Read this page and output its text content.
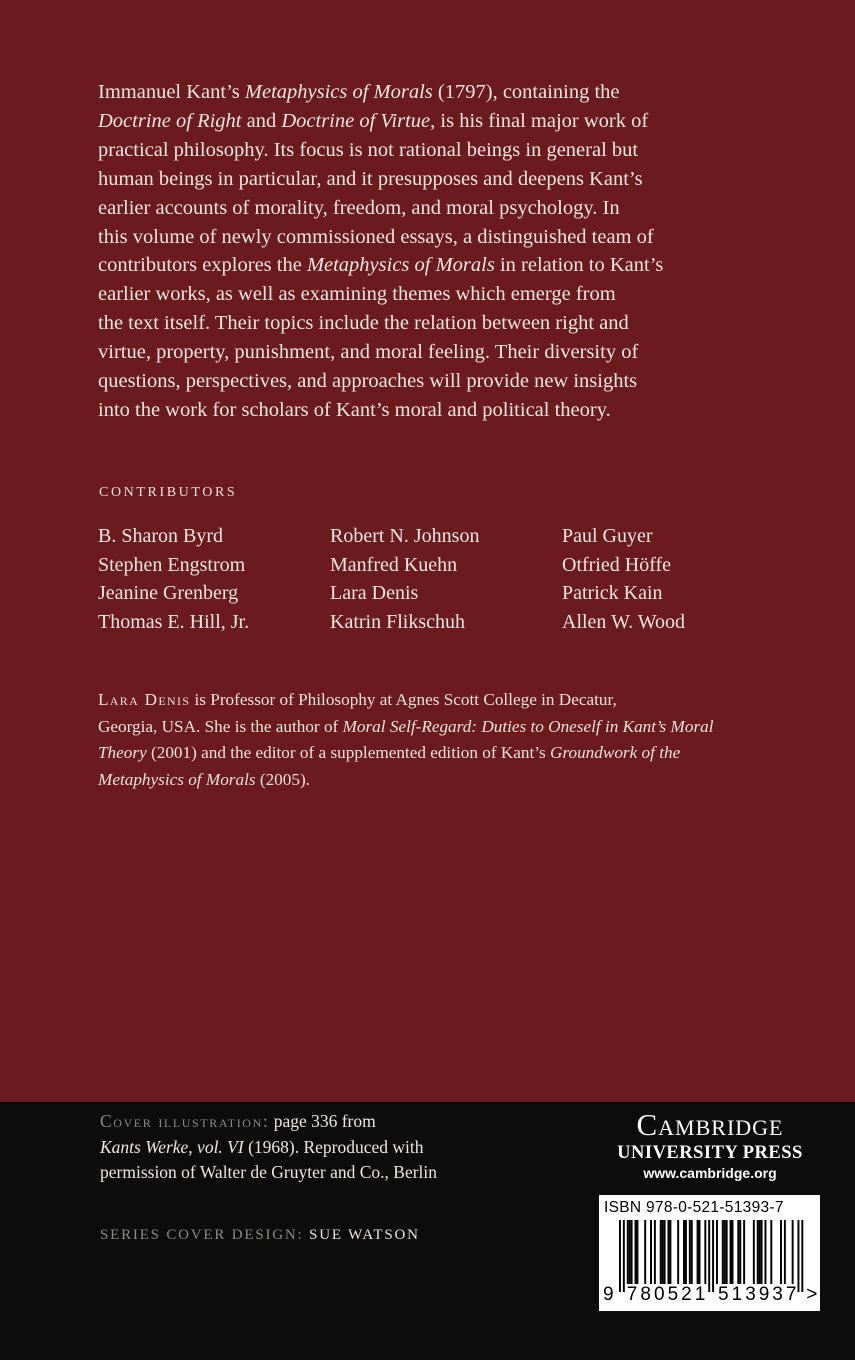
Immanuel Kant’s Metaphysics of Morals (1797), containing the
Doctrine of Right and Doctrine of Virtue, is his final major work of
practical philosophy. Its focus is not rational beings in general but
human beings in particular, and it presupposes and deepens Kant’s
earlier accounts of morality, freedom, and moral psychology. In
this volume of newly commissioned essays, a distinguished team of
contributors explores the Metaphysics of Morals in relation to Kant’s
earlier works, as well as examining themes which emerge from
the text itself. Their topics include the relation between right and
virtue, property, punishment, and moral feeling. Their diversity of
questions, perspectives, and approaches will provide new insights
into the work for scholars of Kant’s moral and political theory.
CONTRIBUTORS
B. Sharon Byrd
Stephen Engstrom
Jeanine Grenberg
Thomas E. Hill, Jr.
Robert N. Johnson
Manfred Kuehn
Lara Denis
Katrin Flikschuh
Paul Guyer
Otfried Höffe
Patrick Kain
Allen W. Wood
Lara Denis is Professor of Philosophy at Agnes Scott College in Decatur,
Georgia, USA. She is the author of Moral Self-Regard: Duties to Oneself in Kant’s Moral
Theory (2001) and the editor of a supplemented edition of Kant’s Groundwork of the
Metaphysics of Morals (2005).
Cover illustration: page 336 from
Kants Werke, vol. VI (1968). Reproduced with
permission of Walter de Gruyter and Co., Berlin
SERIES COVER DESIGN: SUE WATSON
Cambridge
UNIVERSITY PRESS
www.cambridge.org
ISBN 978-0-521-51393-7
9 7 8 0 5 2 1 5 1 3 9 3 7 >
